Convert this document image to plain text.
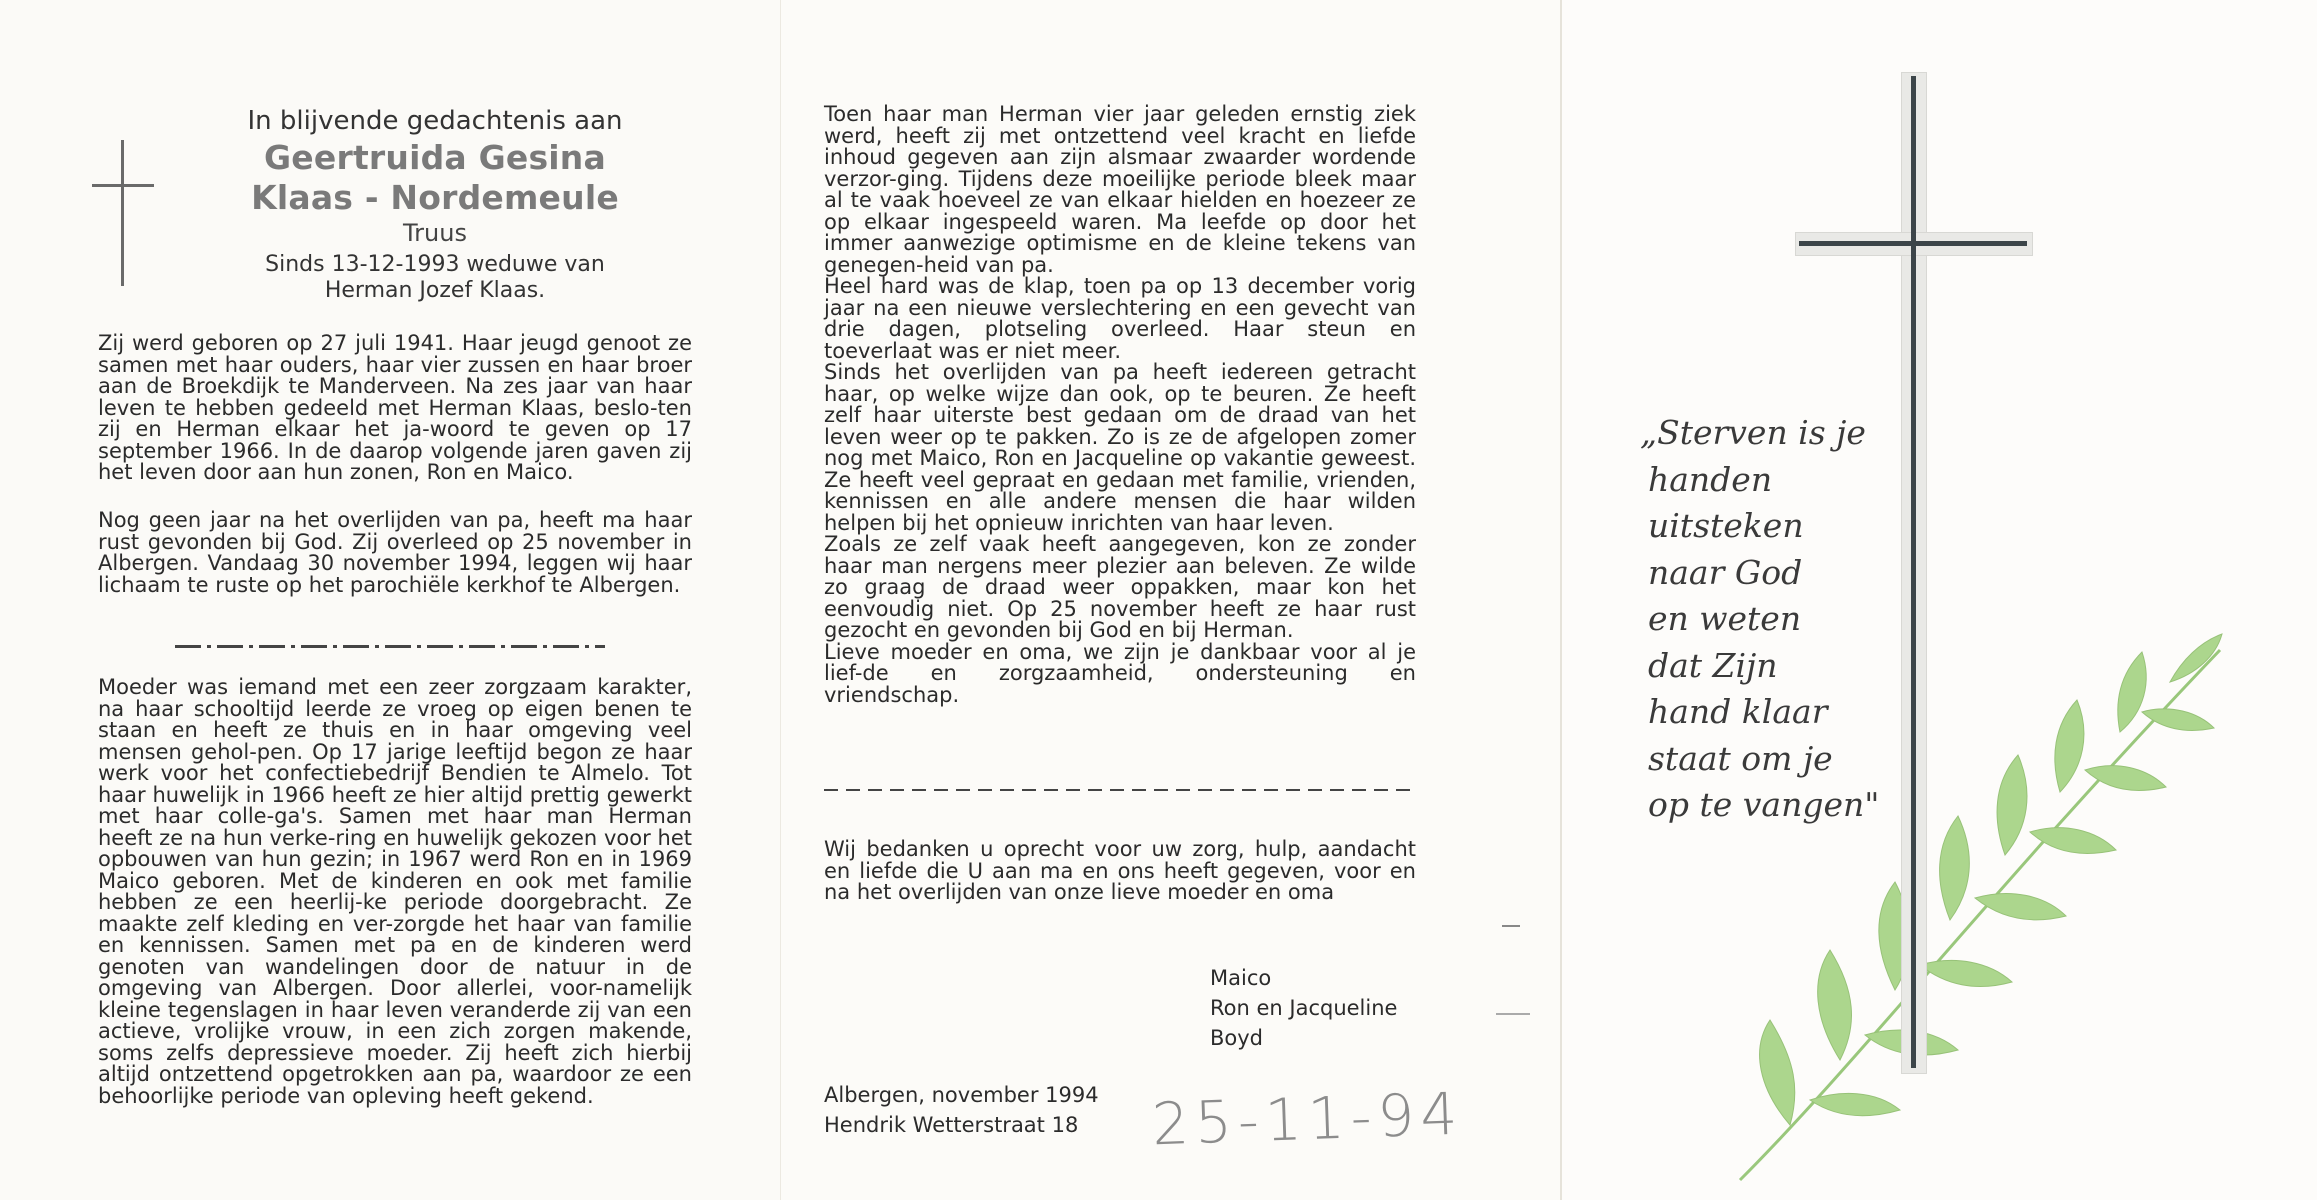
In blijvende gedachtenis aan
Geertruida Gesina
Klaas - Nordemeule
Truus
Sinds 13-12-1993 weduwe van
Herman Jozef Klaas.

Zij werd geboren op 27 juli 1941. Haar jeugd genoot ze samen met haar ouders, haar vier zussen en haar broer aan de Broekdijk te Manderveen. Na zes jaar van haar leven te hebben gedeeld met Herman Klaas, beslo-ten zij en Herman elkaar het ja-woord te geven op 17 september 1966. In de daarop volgende jaren gaven zij het leven door aan hun zonen, Ron en Maico.

Nog geen jaar na het overlijden van pa, heeft ma haar rust gevonden bij God. Zij overleed op 25 november in Albergen. Vandaag 30 november 1994, leggen wij haar lichaam te ruste op het parochiële kerkhof te Albergen.

Moeder was iemand met een zeer zorgzaam karakter, na haar schooltijd leerde ze vroeg op eigen benen te staan en heeft ze thuis en in haar omgeving veel mensen gehol-pen. Op 17 jarige leeftijd begon ze haar werk voor het confectiebedrijf Bendien te Almelo. Tot haar huwelijk in 1966 heeft ze hier altijd prettig gewerkt met haar colle-ga's. Samen met haar man Herman heeft ze na hun verke-ring en huwelijk gekozen voor het opbouwen van hun gezin; in 1967 werd Ron en in 1969 Maico geboren. Met de kinderen en ook met familie hebben ze een heerlij-ke periode doorgebracht. Ze maakte zelf kleding en ver-zorgde het haar van familie en kennissen. Samen met pa en de kinderen werd genoten van wandelingen door de natuur in de omgeving van Albergen. Door allerlei, voor-namelijk kleine tegenslagen in haar leven veranderde zij van een actieve, vrolijke vrouw, in een zich zorgen makende, soms zelfs depressieve moeder. Zij heeft zich hierbij altijd ontzettend opgetrokken aan pa, waardoor ze een behoorlijke periode van opleving heeft gekend.

Toen haar man Herman vier jaar geleden ernstig ziek werd, heeft zij met ontzettend veel kracht en liefde inhoud gegeven aan zijn alsmaar zwaarder wordende verzor-ging. Tijdens deze moeilijke periode bleek maar al te vaak hoeveel ze van elkaar hielden en hoezeer ze op elkaar ingespeeld waren. Ma leefde op door het immer aanwezige optimisme en de kleine tekens van genegen-heid van pa.

Heel hard was de klap, toen pa op 13 december vorig jaar na een nieuwe verslechtering en een gevecht van drie dagen, plotseling overleed. Haar steun en toeverlaat was er niet meer.

Sinds het overlijden van pa heeft iedereen getracht haar, op welke wijze dan ook, op te beuren. Ze heeft zelf haar uiterste best gedaan om de draad van het leven weer op te pakken. Zo is ze de afgelopen zomer nog met Maico, Ron en Jacqueline op vakantie geweest. Ze heeft veel gepraat en gedaan met familie, vrienden, kennissen en alle andere mensen die haar wilden helpen bij het opnieuw inrichten van haar leven.

Zoals ze zelf vaak heeft aangegeven, kon ze zonder haar man nergens meer plezier aan beleven. Ze wilde zo graag de draad weer oppakken, maar kon het eenvoudig niet. Op 25 november heeft ze haar rust gezocht en gevonden bij God en bij Herman.

Lieve moeder en oma, we zijn je dankbaar voor al je lief-de en zorgzaamheid, ondersteuning en vriendschap.

Wij bedanken u oprecht voor uw zorg, hulp, aandacht en liefde die U aan ma en ons heeft gegeven, voor en na het overlijden van onze lieve moeder en oma

Maico
Ron en Jacqueline
Boyd
Albergen, november 1994
Hendrik Wetterstraat 18	25-11-94
„Sterven is je
handen
uitsteken
naar God
en weten
dat Zijn
hand klaar
staat om je
op te vangen"
